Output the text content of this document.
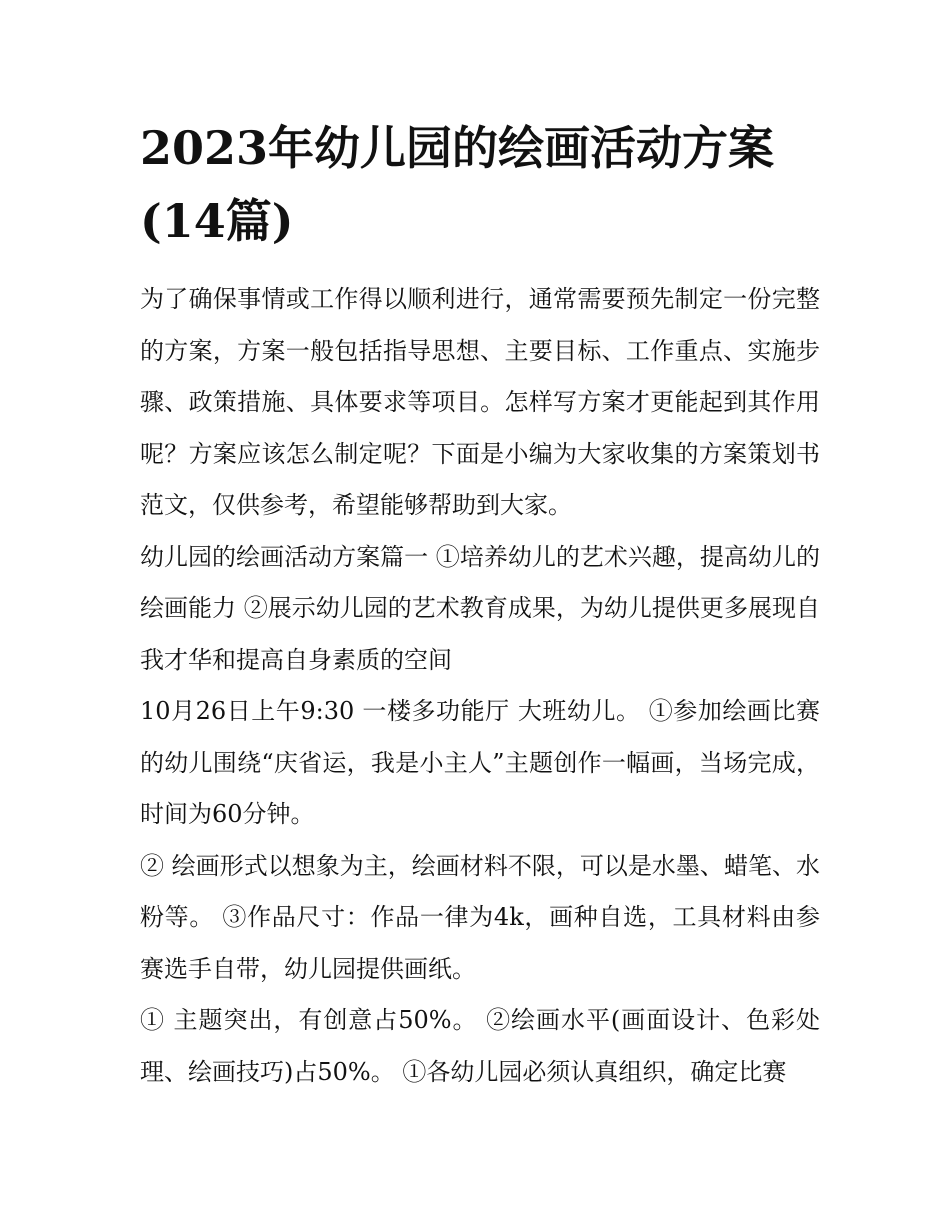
2023年幼儿园的绘画活动方案(14篇)

为了确保事情或工作得以顺利进行，通常需要预先制定一份完整的方案，方案一般包括指导思想、主要目标、工作重点、实施步骤、政策措施、具体要求等项目。怎样写方案才更能起到其作用呢？方案应该怎么制定呢？下面是小编为大家收集的方案策划书范文，仅供参考，希望能够帮助到大家。

幼儿园的绘画活动方案篇一 ①培养幼儿的艺术兴趣，提高幼儿的绘画能力 ②展示幼儿园的艺术教育成果，为幼儿提供更多展现自我才华和提高自身素质的空间

10月26日上午9:30 一楼多功能厅 大班幼儿。 ①参加绘画比赛的幼儿围绕“庆省运，我是小主人”主题创作一幅画，当场完成，时间为60分钟。

② 绘画形式以想象为主，绘画材料不限，可以是水墨、蜡笔、水粉等。 ③作品尺寸：作品一律为4k，画种自选，工具材料由参赛选手自带，幼儿园提供画纸。

① 主题突出，有创意占50%。 ②绘画水平(画面设计、色彩处理、绘画技巧)占50%。 ①各幼儿园必须认真组织，确定比赛
